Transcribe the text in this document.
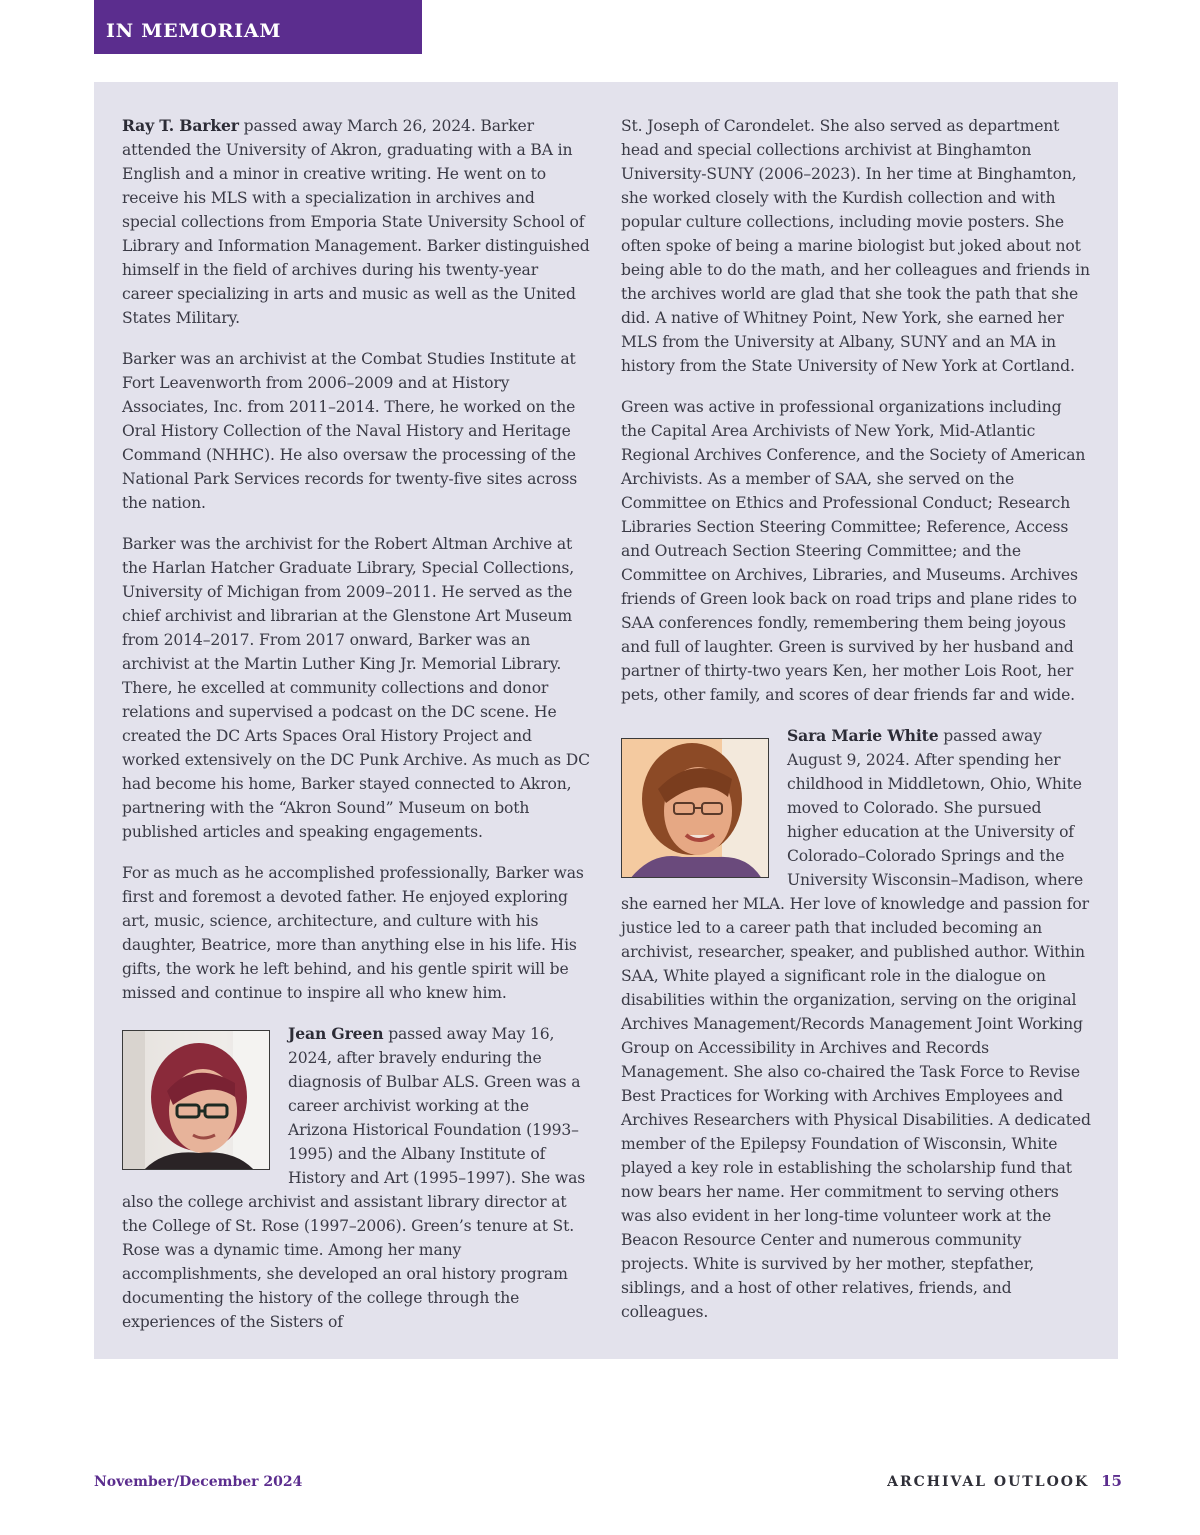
IN MEMORIAM

Ray T. Barker passed away March 26, 2024. Barker attended the University of Akron, graduating with a BA in English and a minor in creative writing. He went on to receive his MLS with a specialization in archives and special collections from Emporia State University School of Library and Information Management. Barker distinguished himself in the field of archives during his twenty-year career specializing in arts and music as well as the United States Military.

Barker was an archivist at the Combat Studies Institute at Fort Leavenworth from 2006–2009 and at History Associates, Inc. from 2011–2014. There, he worked on the Oral History Collection of the Naval History and Heritage Command (NHHC). He also oversaw the processing of the National Park Services records for twenty-five sites across the nation.

Barker was the archivist for the Robert Altman Archive at the Harlan Hatcher Graduate Library, Special Collections, University of Michigan from 2009–2011. He served as the chief archivist and librarian at the Glenstone Art Museum from 2014–2017. From 2017 onward, Barker was an archivist at the Martin Luther King Jr. Memorial Library. There, he excelled at community collections and donor relations and supervised a podcast on the DC scene. He created the DC Arts Spaces Oral History Project and worked extensively on the DC Punk Archive. As much as DC had become his home, Barker stayed connected to Akron, partnering with the “Akron Sound” Museum on both published articles and speaking engagements.

For as much as he accomplished professionally, Barker was first and foremost a devoted father. He enjoyed exploring art, music, science, architecture, and culture with his daughter, Beatrice, more than anything else in his life. His gifts, the work he left behind, and his gentle spirit will be missed and continue to inspire all who knew him.

Jean Green passed away May 16, 2024, after bravely enduring the diagnosis of Bulbar ALS. Green was a career archivist working at the Arizona Historical Foundation (1993–1995) and the Albany Institute of History and Art (1995–1997). She was also the college archivist and assistant library director at the College of St. Rose (1997–2006). Green’s tenure at St. Rose was a dynamic time. Among her many accomplishments, she developed an oral history program documenting the history of the college through the experiences of the Sisters of

St. Joseph of Carondelet. She also served as department head and special collections archivist at Binghamton University-SUNY (2006–2023). In her time at Binghamton, she worked closely with the Kurdish collection and with popular culture collections, including movie posters. She often spoke of being a marine biologist but joked about not being able to do the math, and her colleagues and friends in the archives world are glad that she took the path that she did. A native of Whitney Point, New York, she earned her MLS from the University at Albany, SUNY and an MA in history from the State University of New York at Cortland.

Green was active in professional organizations including the Capital Area Archivists of New York, Mid-Atlantic Regional Archives Conference, and the Society of American Archivists. As a member of SAA, she served on the Committee on Ethics and Professional Conduct; Research Libraries Section Steering Committee; Reference, Access and Outreach Section Steering Committee; and the Committee on Archives, Libraries, and Museums. Archives friends of Green look back on road trips and plane rides to SAA conferences fondly, remembering them being joyous and full of laughter. Green is survived by her husband and partner of thirty-two years Ken, her mother Lois Root, her pets, other family, and scores of dear friends far and wide.

Sara Marie White passed away August 9, 2024. After spending her childhood in Middletown, Ohio, White moved to Colorado. She pursued higher education at the University of Colorado–Colorado Springs and the University Wisconsin–Madison, where she earned her MLA. Her love of knowledge and passion for justice led to a career path that included becoming an archivist, researcher, speaker, and published author. Within SAA, White played a significant role in the dialogue on disabilities within the organization, serving on the original Archives Management/Records Management Joint Working Group on Accessibility in Archives and Records Management. She also co-chaired the Task Force to Revise Best Practices for Working with Archives Employees and Archives Researchers with Physical Disabilities. A dedicated member of the Epilepsy Foundation of Wisconsin, White played a key role in establishing the scholarship fund that now bears her name. Her commitment to serving others was also evident in her long-time volunteer work at the Beacon Resource Center and numerous community projects. White is survived by her mother, stepfather, siblings, and a host of other relatives, friends, and colleagues.

November/December 2024	ARCHIVAL OUTLOOK 15
